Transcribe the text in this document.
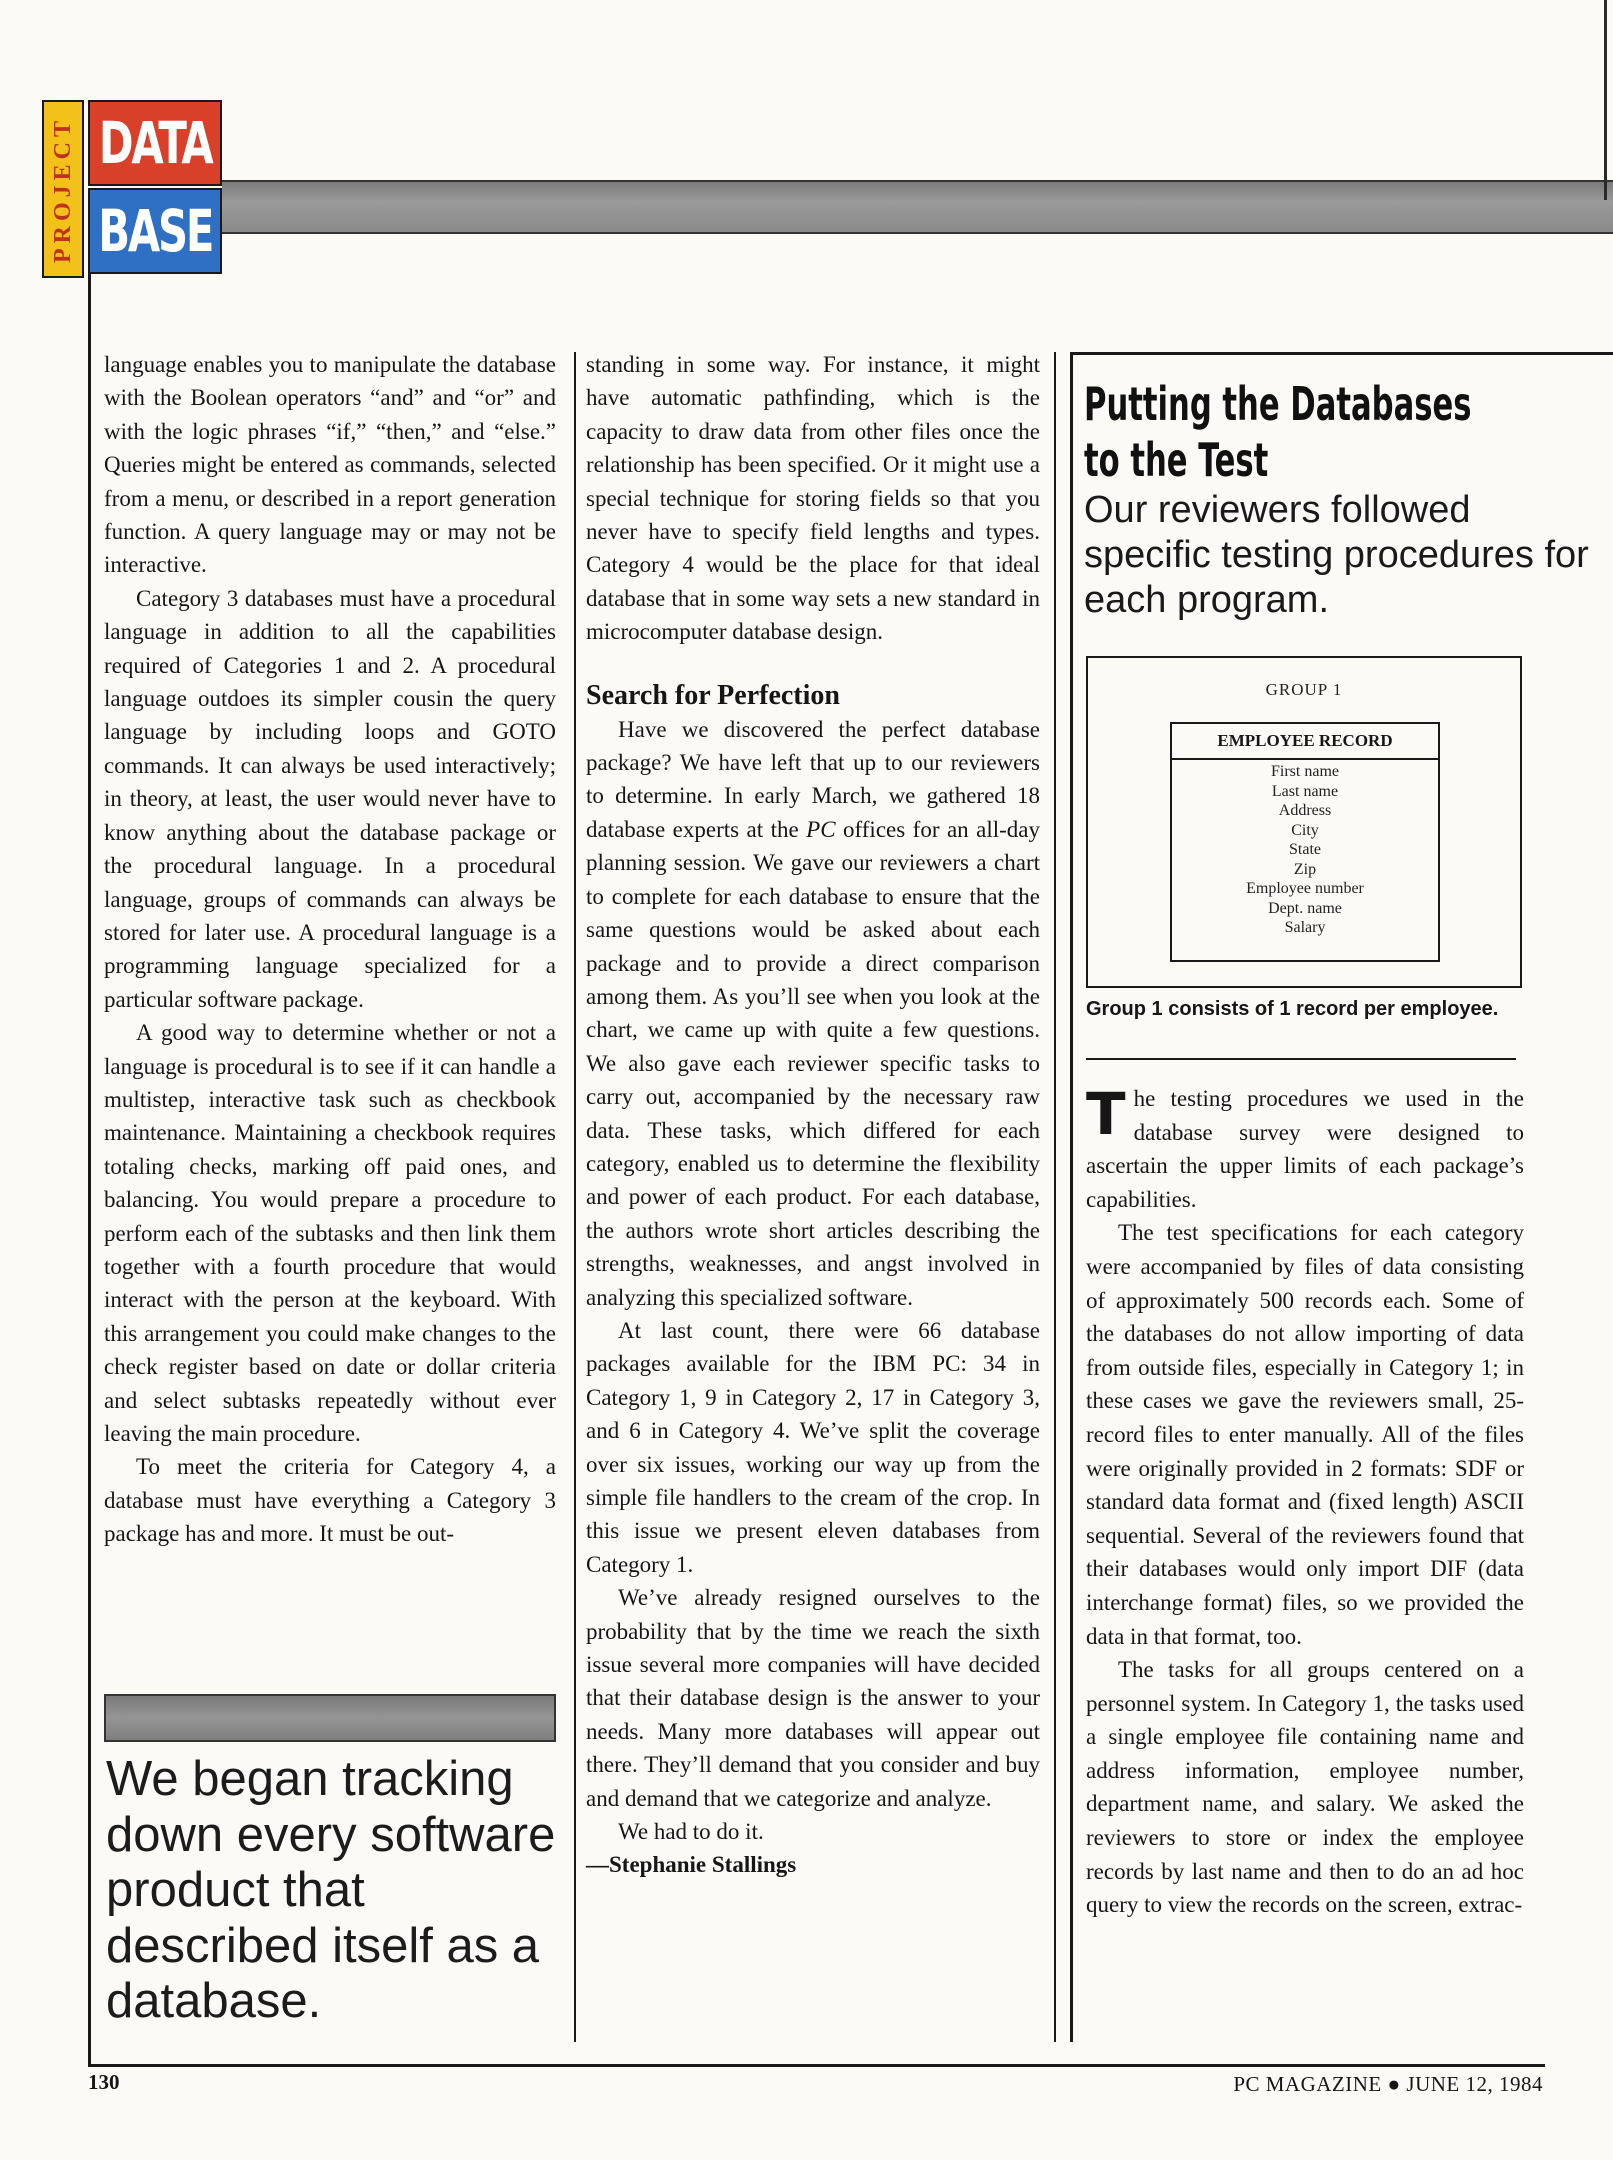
PROJECT DATA
BASE

language enables you to manipulate the database with the Boolean operators “and” and “or” and with the logic phrases “if,” “then,” and “else.” Queries might be entered as commands, selected from a menu, or described in a report generation function. A query language may or may not be interactive.

Category 3 databases must have a procedural language in addition to all the capabilities required of Categories 1 and 2. A procedural language outdoes its simpler cousin the query language by including loops and GOTO commands. It can always be used interactively; in theory, at least, the user would never have to know anything about the database package or the procedural language. In a procedural language, groups of commands can always be stored for later use. A procedural language is a programming language specialized for a particular software package.

A good way to determine whether or not a language is procedural is to see if it can handle a multistep, interactive task such as checkbook maintenance. Maintaining a checkbook requires totaling checks, marking off paid ones, and balancing. You would prepare a procedure to perform each of the subtasks and then link them together with a fourth procedure that would interact with the person at the keyboard. With this arrangement you could make changes to the check register based on date or dollar criteria and select subtasks repeatedly without ever leaving the main procedure.

To meet the criteria for Category 4, a database must have everything a Category 3 package has and more. It must be out-

We began tracking down every software product that described itself as a database.

standing in some way. For instance, it might have automatic pathfinding, which is the capacity to draw data from other files once the relationship has been specified. Or it might use a special technique for storing fields so that you never have to specify field lengths and types. Category 4 would be the place for that ideal database that in some way sets a new standard in microcomputer database design.

Search for Perfection

Have we discovered the perfect database package? We have left that up to our reviewers to determine. In early March, we gathered 18 database experts at the PC offices for an all-day planning session. We gave our reviewers a chart to complete for each database to ensure that the same questions would be asked about each package and to provide a direct comparison among them. As you’ll see when you look at the chart, we came up with quite a few questions. We also gave each reviewer specific tasks to carry out, accompanied by the necessary raw data. These tasks, which differed for each category, enabled us to determine the flexibility and power of each product. For each database, the authors wrote short articles describing the strengths, weaknesses, and angst involved in analyzing this specialized software.

At last count, there were 66 database packages available for the IBM PC: 34 in Category 1, 9 in Category 2, 17 in Category 3, and 6 in Category 4. We’ve split the coverage over six issues, working our way up from the simple file handlers to the cream of the crop. In this issue we present eleven databases from Category 1.

We’ve already resigned ourselves to the probability that by the time we reach the sixth issue several more companies will have decided that their database design is the answer to your needs. Many more databases will appear out there. They’ll demand that you consider and buy and demand that we categorize and analyze.

We had to do it.

—Stephanie Stallings

Putting the Databases
to the Test
Our reviewers followed specific testing procedures for each program.
GROUP 1
EMPLOYEE RECORD
First name
Last name
Address
City
State
Zip
Employee number
Dept. name
Salary
Group 1 consists of 1 record per employee.

The testing procedures we used in the database survey were designed to ascertain the upper limits of each package’s capabilities.

The test specifications for each category were accompanied by files of data consisting of approximately 500 records each. Some of the databases do not allow importing of data from outside files, especially in Category 1; in these cases we gave the reviewers small, 25-record files to enter manually. All of the files were originally provided in 2 formats: SDF or standard data format and (fixed length) ASCII sequential. Several of the reviewers found that their databases would only import DIF (data interchange format) files, so we provided the data in that format, too.

The tasks for all groups centered on a personnel system. In Category 1, the tasks used a single employee file containing name and address information, employee number, department name, and salary. We asked the reviewers to store or index the employee records by last name and then to do an ad hoc query to view the records on the screen, extrac-

130	PC MAGAZINE ● JUNE 12, 1984
